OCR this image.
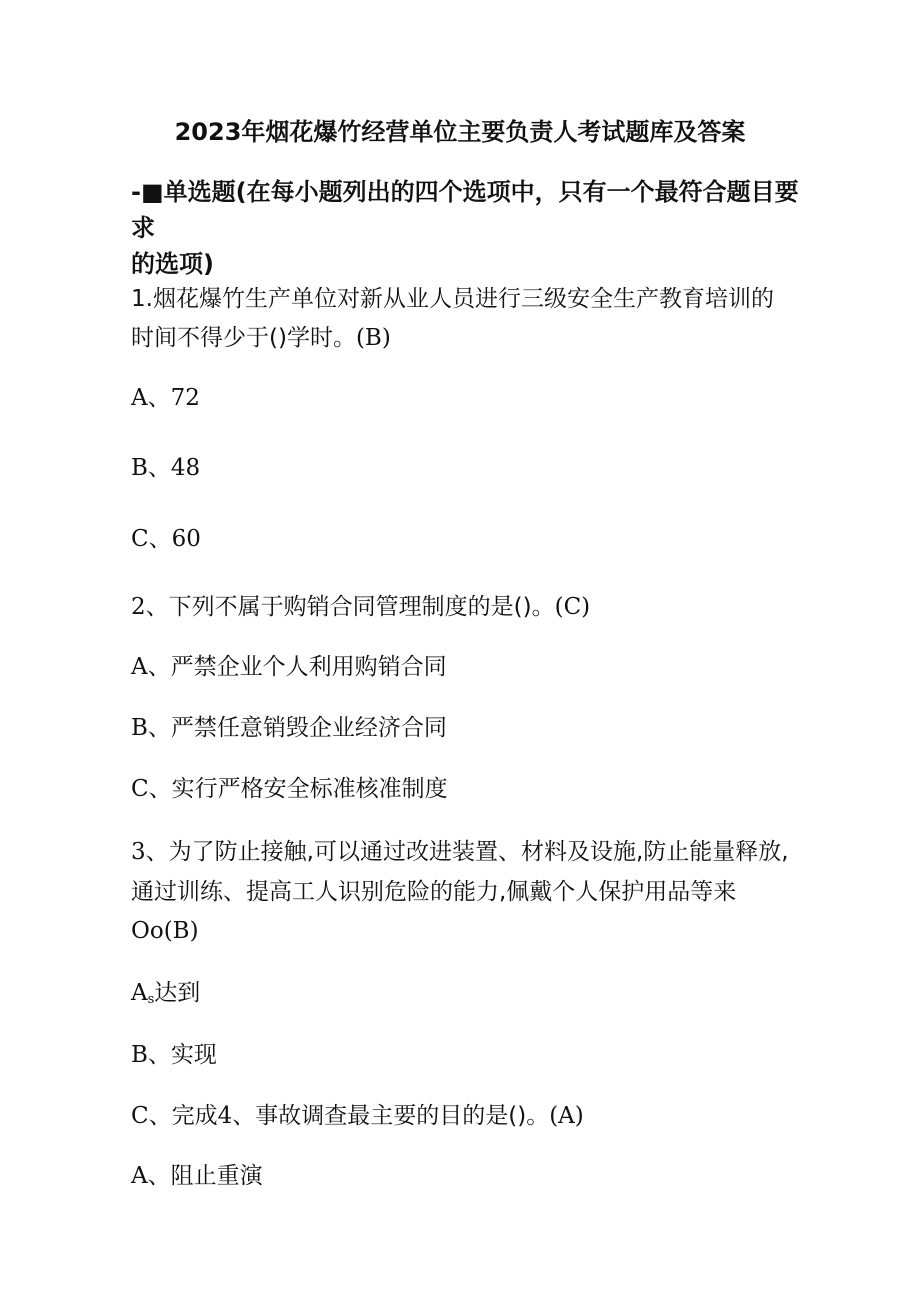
2023年烟花爆竹经营单位主要负责人考试题库及答案
-■单选题(在每小题列出的四个选项中，只有一个最符合题目要求
的选项)
1.烟花爆竹生产单位对新从业人员进行三级安全生产教育培训的
时间不得少于()学时。(B)
A、72
B、48
C、60
2、下列不属于购销合同管理制度的是()。(C)
A、严禁企业个人利用购销合同
B、严禁任意销毁企业经济合同
C、实行严格安全标准核准制度
3、为了防止接触,可以通过改进装置、材料及设施,防止能量释放,
通过训练、提高工人识别危险的能力,佩戴个人保护用品等来
Oo(B)
$A_s$达到
B、实现
C、完成4、事故调查最主要的目的是()。(A)
A、阻止重演
